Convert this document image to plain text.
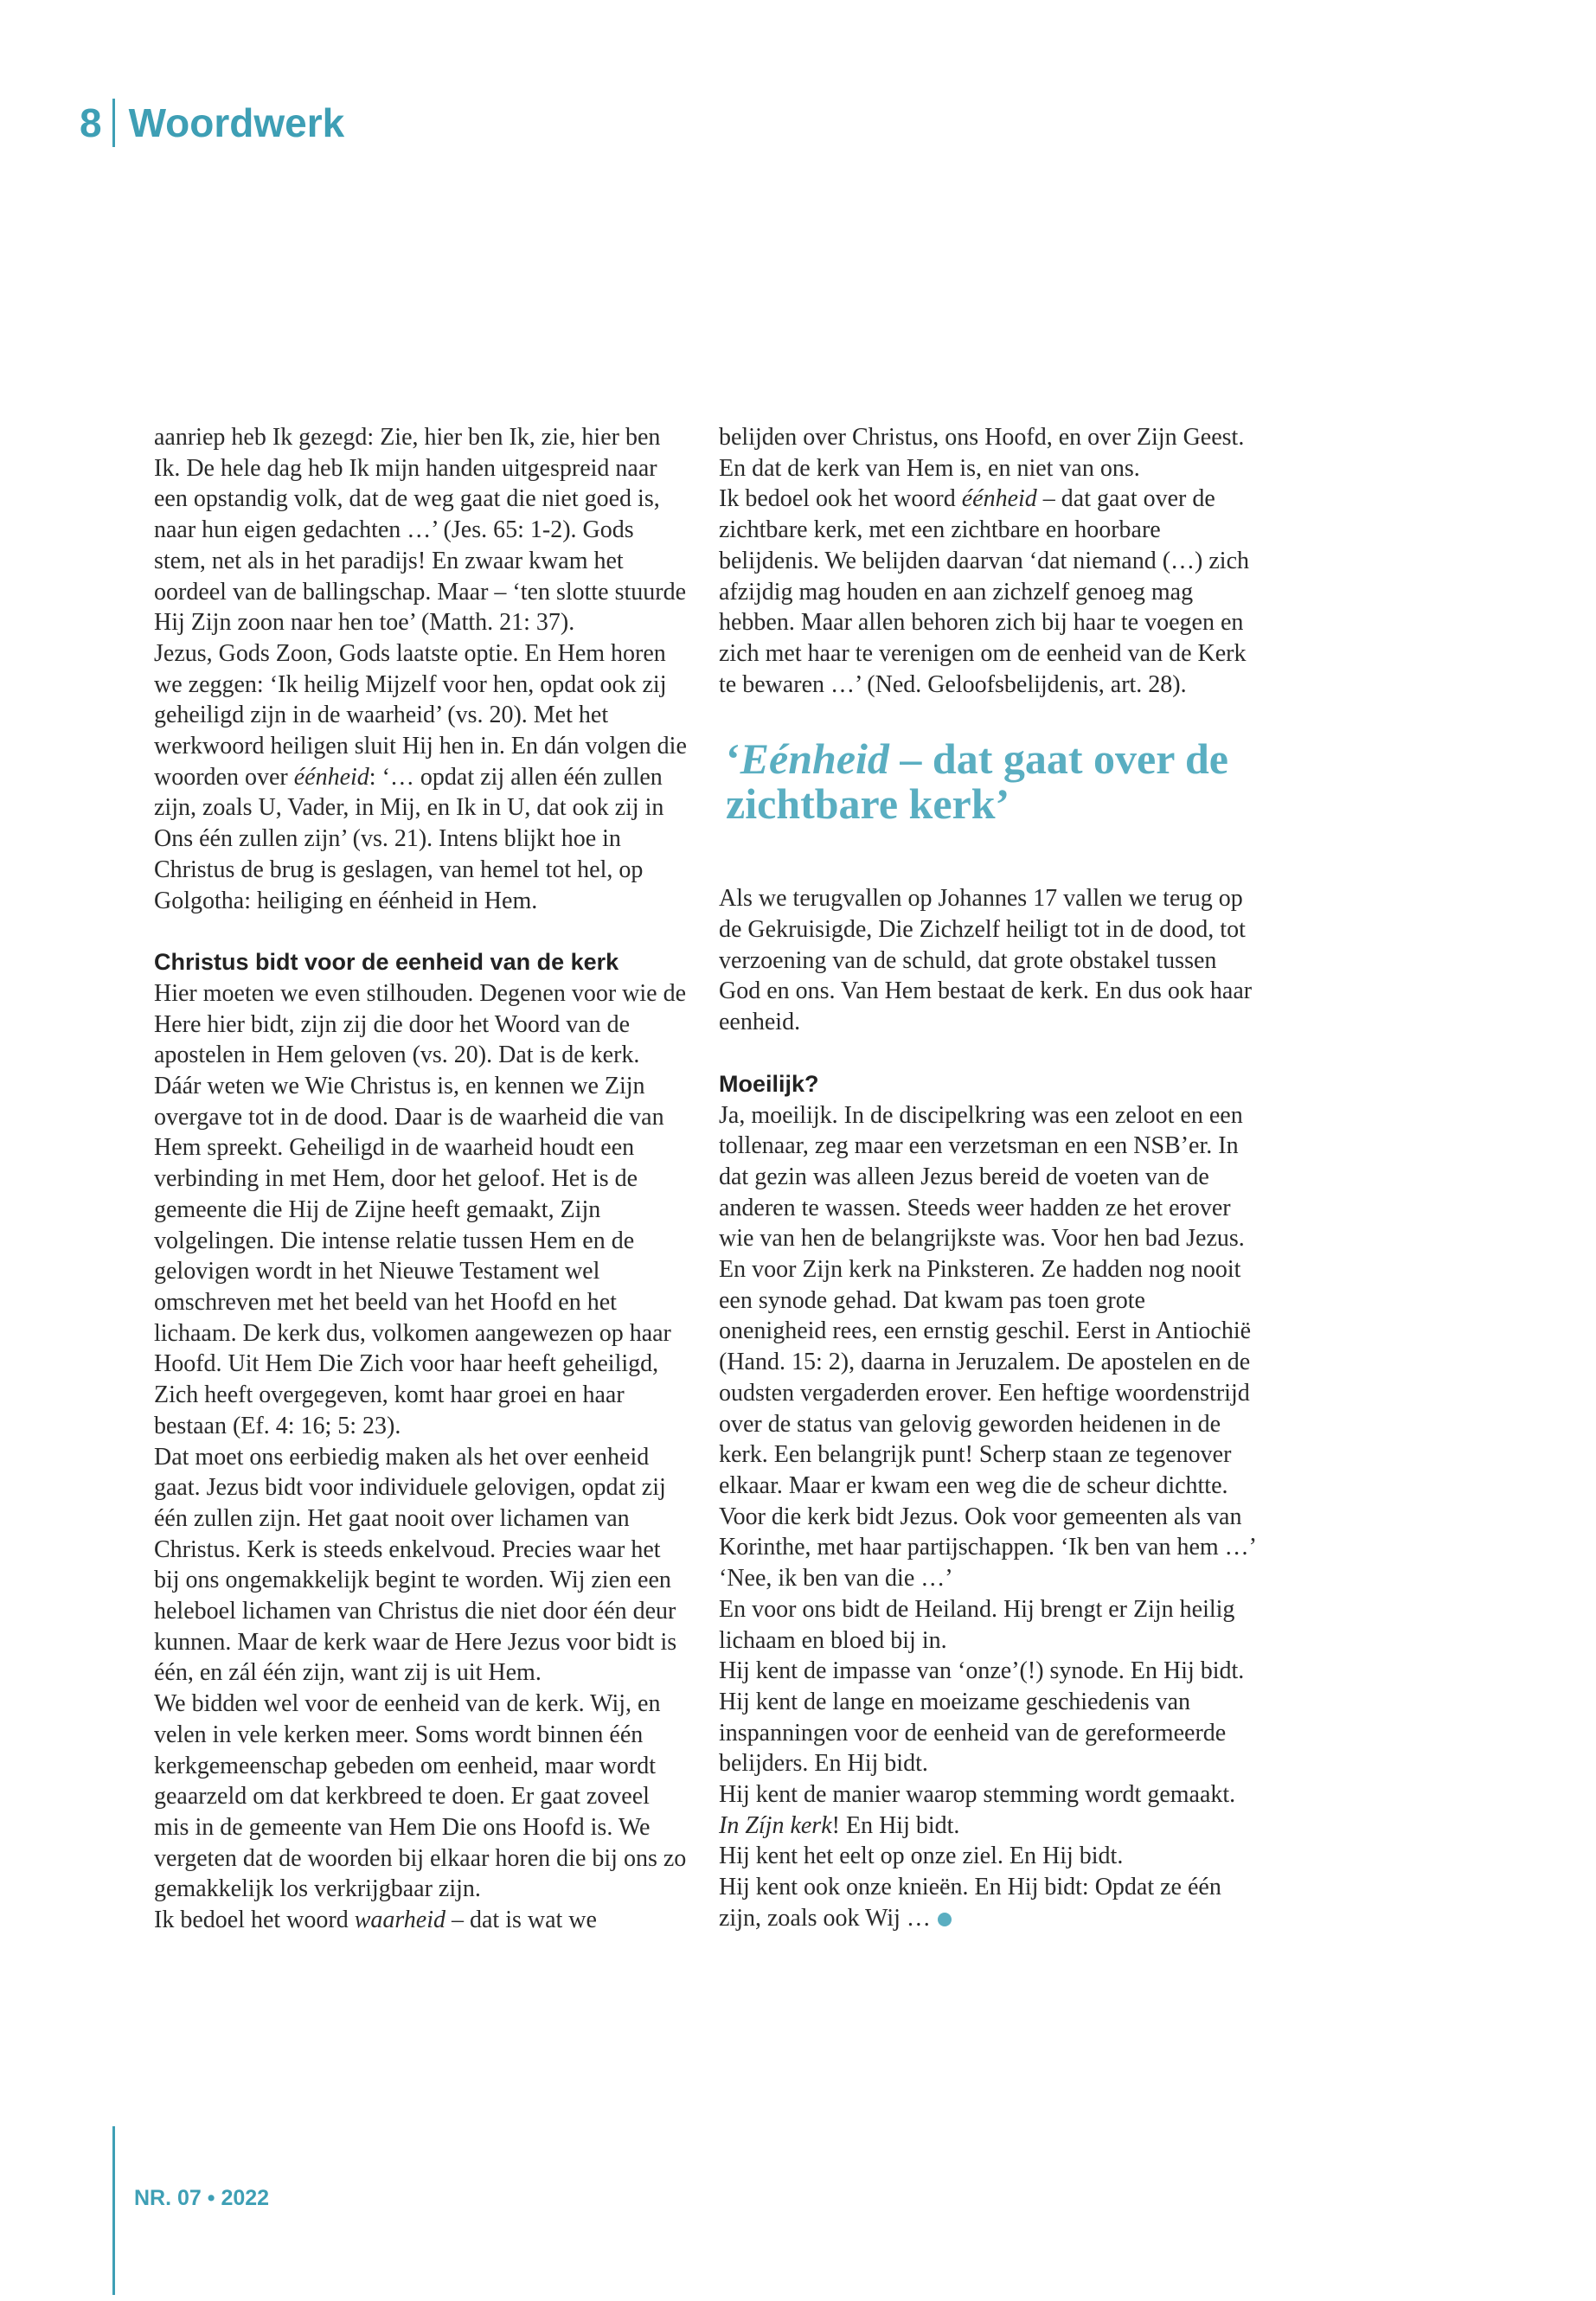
8 Woordwerk

aanriep heb Ik gezegd: Zie, hier ben Ik, zie, hier ben Ik. De hele dag heb Ik mijn handen uitgespreid naar een opstandig volk, dat de weg gaat die niet goed is, naar hun eigen gedachten …’ (Jes. 65: 1-2). Gods stem, net als in het paradijs! En zwaar kwam het oordeel van de ballingschap. Maar – ‘ten slotte stuurde Hij Zijn zoon naar hen toe’ (Matth. 21: 37).

Jezus, Gods Zoon, Gods laatste optie. En Hem horen we zeggen: ‘Ik heilig Mijzelf voor hen, opdat ook zij geheiligd zijn in de waarheid’ (vs. 20). Met het werkwoord heiligen sluit Hij hen in. En dán volgen die woorden over éénheid: ‘… opdat zij allen één zullen zijn, zoals U, Vader, in Mij, en Ik in U, dat ook zij in Ons één zullen zijn’ (vs. 21). Intens blijkt hoe in Christus de brug is geslagen, van hemel tot hel, op Golgotha: heiliging en éénheid in Hem.

Christus bidt voor de eenheid van de kerk

Hier moeten we even stilhouden. Degenen voor wie de Here hier bidt, zijn zij die door het Woord van de apostelen in Hem geloven (vs. 20). Dat is de kerk. Dáár weten we Wie Christus is, en kennen we Zijn overgave tot in de dood. Daar is de waarheid die van Hem spreekt. Geheiligd in de waarheid houdt een verbinding in met Hem, door het geloof. Het is de gemeente die Hij de Zijne heeft gemaakt, Zijn volgelingen. Die intense relatie tussen Hem en de gelovigen wordt in het Nieuwe Testament wel omschreven met het beeld van het Hoofd en het lichaam. De kerk dus, volkomen aangewezen op haar Hoofd. Uit Hem Die Zich voor haar heeft geheiligd, Zich heeft overgegeven, komt haar groei en haar bestaan (Ef. 4: 16; 5: 23).

Dat moet ons eerbiedig maken als het over eenheid gaat. Jezus bidt voor individuele gelovigen, opdat zij één zullen zijn. Het gaat nooit over lichamen van Christus. Kerk is steeds enkelvoud. Precies waar het bij ons ongemakkelijk begint te worden. Wij zien een heleboel lichamen van Christus die niet door één deur kunnen. Maar de kerk waar de Here Jezus voor bidt is één, en zál één zijn, want zij is uit Hem.

We bidden wel voor de eenheid van de kerk. Wij, en velen in vele kerken meer. Soms wordt binnen één kerkgemeenschap gebeden om eenheid, maar wordt geaarzeld om dat kerkbreed te doen. Er gaat zoveel mis in de gemeente van Hem Die ons Hoofd is. We vergeten dat de woorden bij elkaar horen die bij ons zo gemakkelijk los verkrijgbaar zijn.

Ik bedoel het woord waarheid – dat is wat we

belijden over Christus, ons Hoofd, en over Zijn Geest. En dat de kerk van Hem is, en niet van ons.

Ik bedoel ook het woord éénheid – dat gaat over de zichtbare kerk, met een zichtbare en hoorbare belijdenis. We belijden daarvan ‘dat niemand (…) zich afzijdig mag houden en aan zichzelf genoeg mag hebben. Maar allen behoren zich bij haar te voegen en zich met haar te verenigen om de eenheid van de Kerk te bewaren …’ (Ned. Geloofsbelijdenis, art. 28).

‘Eénheid – dat gaat over de zichtbare kerk’

Als we terugvallen op Johannes 17 vallen we terug op de Gekruisigde, Die Zichzelf heiligt tot in de dood, tot verzoening van de schuld, dat grote obstakel tussen God en ons. Van Hem bestaat de kerk. En dus ook haar eenheid.

Moeilijk?

Ja, moeilijk. In de discipelkring was een zeloot en een tollenaar, zeg maar een verzetsman en een NSB’er. In dat gezin was alleen Jezus bereid de voeten van de anderen te wassen. Steeds weer hadden ze het erover wie van hen de belangrijkste was. Voor hen bad Jezus.

En voor Zijn kerk na Pinksteren. Ze hadden nog nooit een synode gehad. Dat kwam pas toen grote onenigheid rees, een ernstig geschil. Eerst in Antiochië (Hand. 15: 2), daarna in Jeruzalem. De apostelen en de oudsten vergaderden erover. Een heftige woordenstrijd over de status van gelovig geworden heidenen in de kerk. Een belangrijk punt! Scherp staan ze tegenover elkaar. Maar er kwam een weg die de scheur dichtte.

Voor die kerk bidt Jezus. Ook voor gemeenten als van Korinthe, met haar partijschappen. ‘Ik ben van hem …’ ‘Nee, ik ben van die …’

En voor ons bidt de Heiland. Hij brengt er Zijn heilig lichaam en bloed bij in.

Hij kent de impasse van ‘onze’(!) synode. En Hij bidt.

Hij kent de lange en moeizame geschiedenis van inspanningen voor de eenheid van de gereformeerde belijders. En Hij bidt.

Hij kent de manier waarop stemming wordt gemaakt. In Zíjn kerk! En Hij bidt.

Hij kent het eelt op onze ziel. En Hij bidt.

Hij kent ook onze knieën. En Hij bidt: Opdat ze één zijn, zoals ook Wij …

NR. 07 • 2022
